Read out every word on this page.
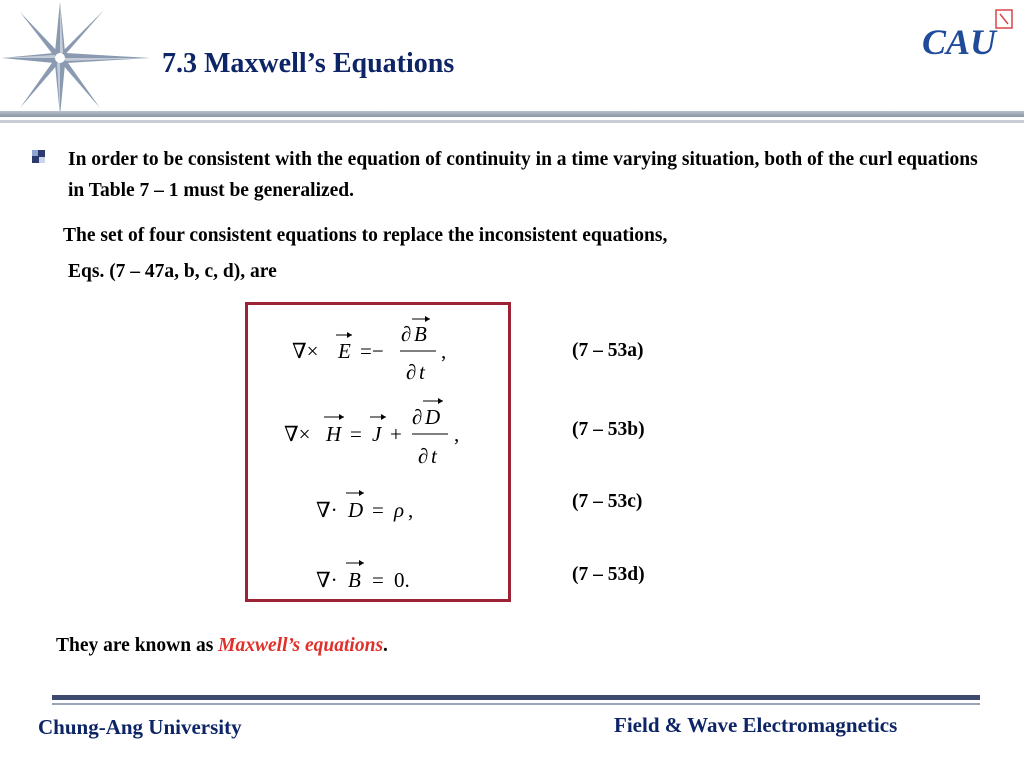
7.3 Maxwell’s Equations
CAU
In order to be consistent with the equation of continuity in a time varying situation, both of the curl equations in Table 7 – 1 must be generalized.
The set of four consistent equations to replace the inconsistent equations,
Eqs. (7 – 47a, b, c, d), are
∇× E =−
∂ B
∂ t
,
∇× H = J +
∂ D
∂ t
,
∇· D = ρ ,
∇· B = 0.
(7 – 53a)
(7 – 53b)
(7 – 53c)
(7 – 53d)
They are known as Maxwell’s equations.
Chung-Ang University	Field & Wave Electromagnetics
